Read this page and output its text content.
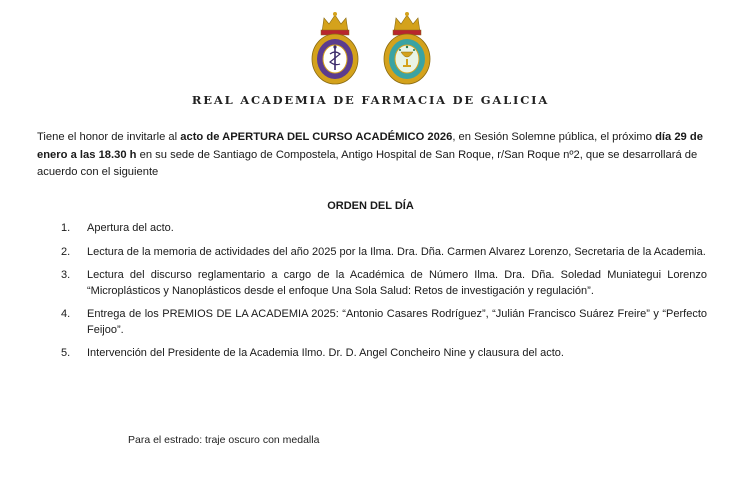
REAL ACADEMIA DE FARMACIA DE GALICIA

Tiene el honor de invitarle al acto de APERTURA DEL CURSO ACADÉMICO 2026, en Sesión Solemne pública, el próximo día 29 de enero a las 18.30 h en su sede de Santiago de Compostela, Antigo Hospital de San Roque, r/San Roque nº2, que se desarrollará de acuerdo con el siguiente

ORDEN DEL DÍA
1.	Apertura del acto.
2.	Lectura de la memoria de actividades del año 2025 por la Ilma. Dra. Dña. Carmen Alvarez Lorenzo, Secretaria de la Academia.
3.	Lectura del discurso reglamentario a cargo de la Académica de Número Ilma. Dra. Dña. Soledad Muniategui Lorenzo “Microplásticos y Nanoplásticos desde el enfoque Una Sola Salud: Retos de investigación y regulación”.
4.	Entrega de los PREMIOS DE LA ACADEMIA 2025: “Antonio Casares Rodríguez”, “Julián Francisco Suárez Freire” y “Perfecto Feijoo”.
5.	Intervención del Presidente de la Academia Ilmo. Dr. D. Angel Concheiro Nine y clausura del acto.
Para el estrado: traje oscuro con medalla
